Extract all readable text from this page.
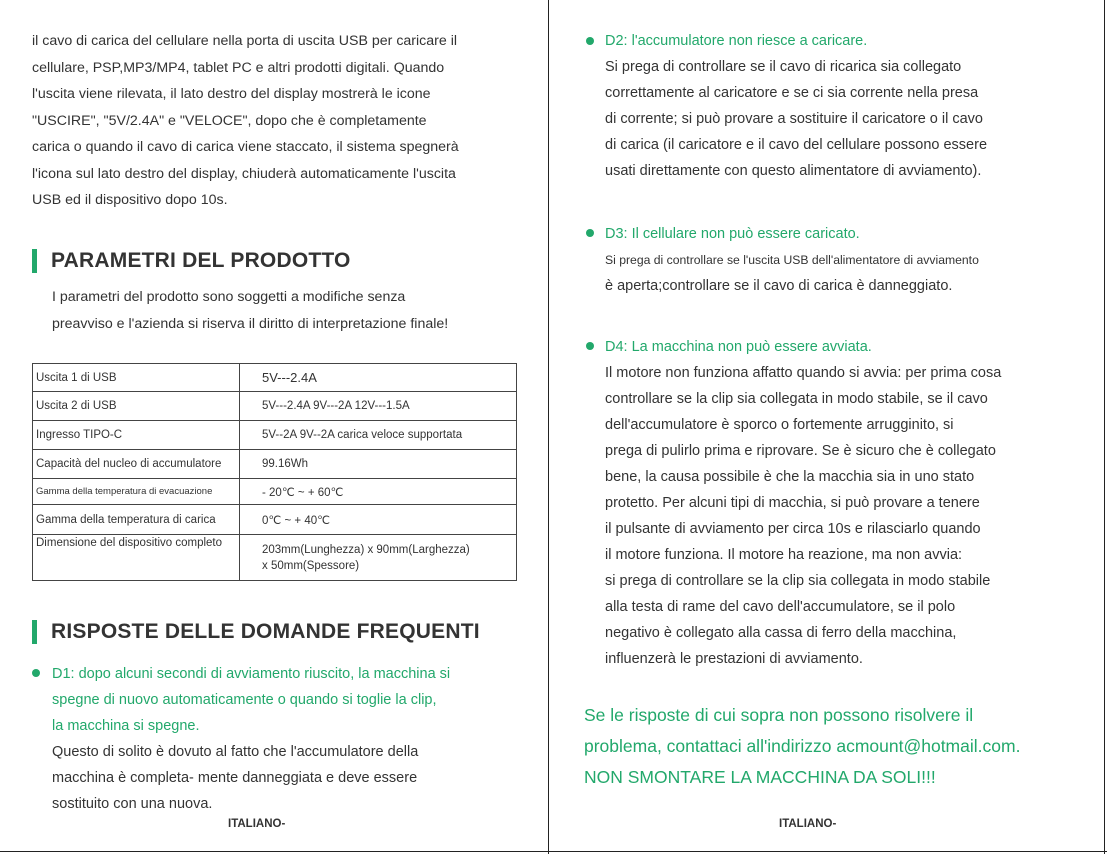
il cavo di carica del cellulare nella porta di uscita USB per caricare il
cellulare, PSP,MP3/MP4, tablet PC e altri prodotti digitali. Quando
l'uscita viene rilevata, il lato destro del display mostrerà le icone
"USCIRE", "5V/2.4A" e "VELOCE", dopo che è completamente
carica o quando il cavo di carica viene staccato, il sistema spegnerà
l'icona sul lato destro del display, chiuderà automaticamente l'uscita
USB ed il dispositivo dopo 10s.
PARAMETRI DEL PRODOTTO
I parametri del prodotto sono soggetti a modifiche senza
preavviso e l'azienda si riserva il diritto di interpretazione finale!
Uscita 1 di USB	5V---2.4A
Uscita 2 di USB	5V---2.4A 9V---2A 12V---1.5A
Ingresso TIPO-C	5V--2A 9V--2A carica veloce supportata
Capacità del nucleo di accumulatore	99.16Wh
Gamma della temperatura di evacuazione	- 20℃ ~ + 60℃
Gamma della temperatura di carica	0℃ ~ + 40℃
Dimensione del dispositivo completo	203mm(Lunghezza) x 90mm(Larghezza)
x 50mm(Spessore)
RISPOSTE DELLE DOMANDE FREQUENTI
D1: dopo alcuni secondi di avviamento riuscito, la macchina si
spegne di nuovo automaticamente o quando si toglie la clip,
la macchina si spegne.
Questo di solito è dovuto al fatto che l'accumulatore della
macchina è completa- mente danneggiata e deve essere
sostituito con una nuova.
ITALIANO-
D2: l'accumulatore non riesce a caricare.
Si prega di controllare se il cavo di ricarica sia collegato
correttamente al caricatore e se ci sia corrente nella presa
di corrente; si può provare a sostituire il caricatore o il cavo
di carica (il caricatore e il cavo del cellulare possono essere
usati direttamente con questo alimentatore di avviamento).
D3: Il cellulare non può essere caricato.
Si prega di controllare se l'uscita USB dell'alimentatore di avviamento
è aperta;controllare se il cavo di carica è danneggiato.
D4: La macchina non può essere avviata.
Il motore non funziona affatto quando si avvia: per prima cosa
controllare se la clip sia collegata in modo stabile, se il cavo
dell'accumulatore è sporco o fortemente arrugginito, si
prega di pulirlo prima e riprovare. Se è sicuro che è collegato
bene, la causa possibile è che la macchia sia in uno stato
protetto. Per alcuni tipi di macchia, si può provare a tenere
il pulsante di avviamento per circa 10s e rilasciarlo quando
il motore funziona. Il motore ha reazione, ma non avvia:
si prega di controllare se la clip sia collegata in modo stabile
alla testa di rame del cavo dell'accumulatore, se il polo
negativo è collegato alla cassa di ferro della macchina,
influenzerà le prestazioni di avviamento.
Se le risposte di cui sopra non possono risolvere il
problema, contattaci all'indirizzo acmount@hotmail.com.
NON SMONTARE LA MACCHINA DA SOLI!!!
ITALIANO-
